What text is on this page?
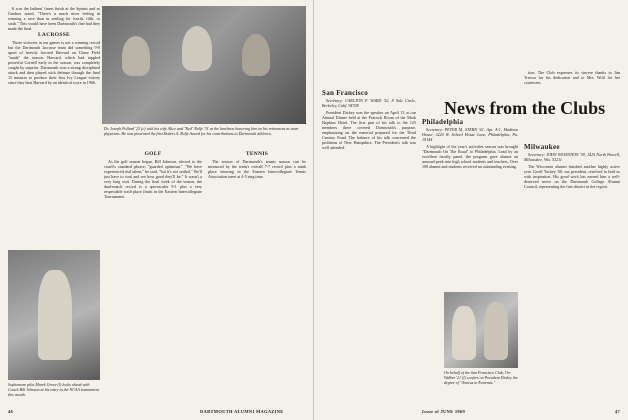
It was the Indians' finest finish at the Sprints and as Gardner noted, "There's a much nicer feeling in winning a race than in settling for fourth, fifth, or sixth." This would have been Dartmouth's fine had they made the final.

LACROSSE

Those victories in ten games is not a winning record but the Dartmouth lacrosse team did something 9-0 upset of heavily favored Harvard on Chase Field "made" the season. Harvard, which had toppled powerful Cornell early in the season, was completely caught by surprise. Dartmouth won a strong disciplined attack and then played stick defense through the final 15 minutes to produce their first Ivy League victory since they beat Harvard by an identical score in 1966.

Dr. Joseph Pollard '23 (c) with his wife Alice and "Red" Rolfe '31 at the luncheon honoring him on his retirement as team physician. He was presented the first Robert A. Rolfe Award for his contributions to Dartmouth athletics.
GOLF

As the golf season began, Bill Johnson, elected to the coach's standard phrase, "guarded optimism." "We have experienced real talent," he said, "but it's not settled." We'll just have to wait and see how good they'll be." It wasn't a very long wait. During the final week of the season, the dual-match record is a spectacular 9-1 plus a very respectable sixth place finish in the Eastern Intercollegiate Tournament.

TENNIS

The season of Dartmouth's tennis season can be measured by the team's overall 7-7 record plus a ninth place showing in the Eastern Intercollegiate Tennis Association meet at 4-5 ring time.

Sophomore pilot Marek Grove (l) looks ahead with Coach Bill Johnson at his entry in the NCAA tournament this month.
46	DARTMOUTH ALUMNI MAGAZINE
News from the Clubs
San Francisco

Secretary: CARLTON F. WARD '52, 8 Yale Circle, Berkeley, Calif. 94708

President Dickey was the speaker on April 13 at our Annual Dinner held at the Peacock Room of the Mark Hopkins Hotel. The first part of his talk to the 125 members there covered Dartmouth's purpose, emphasizing on the material prepared for the Third Century Fund. The balance of his talk concerned the problems of New Hampshire. The President's talk was well attended.

Philadelphia

Secretary: PETER M. STERN '61, Apt. A-1, Madison House, 3220 W. School House Lane, Philadelphia, Pa. 19144

A highlight of the year's activities season was brought "Dartmouth On The Road" to Philadelphia. Lead by an excellent faculty panel, the program gave alumni an unusual peek into high school students and teachers. Over 100 alumni and students received an outstanding evening.

tion. The Club expresses its sincere thanks to Jim Tressor for his dedication and to Mrs. Wolf for her courtesies.

Milwaukee

Secretary: JOHN WEINSTEIN '59, 3425 North Howell, Milwaukee, Wis. 53211

The Wisconsin alumni finished another highly active year. Geoff Yackey '60, our president, resolved to lead us with inspiration. His good work has earned him a well-deserved nerve on the Dartmouth College Alumni Council, representing the fine district in the region.

On behalf of the San Francisco Club, Orr Walker '21 (l) confers on President Dickey the degree of "Amicus in Extremis."
Issue of JUNE 1969	47
